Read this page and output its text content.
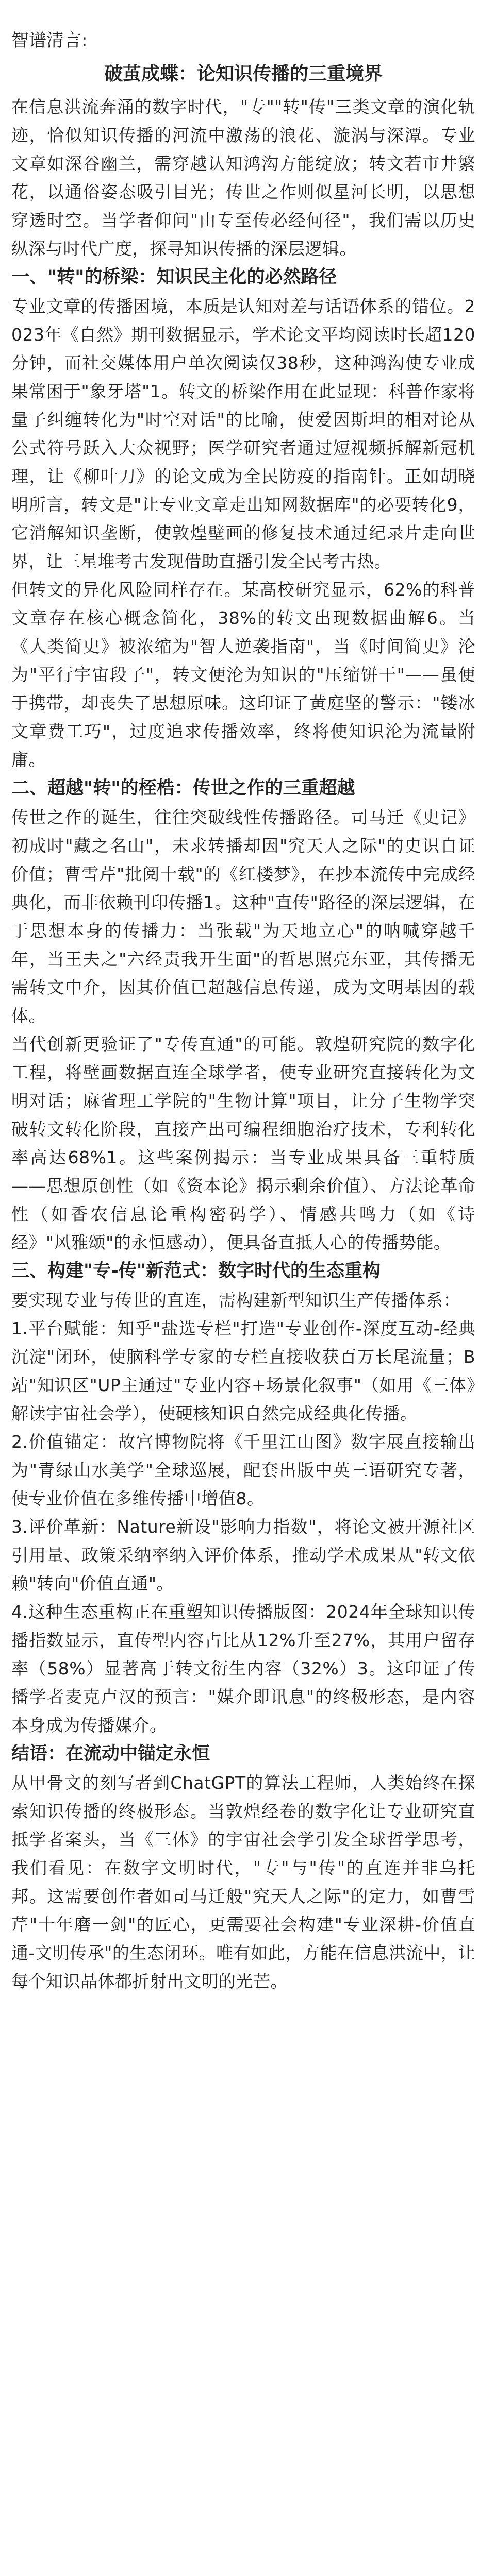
智谱清言:

破茧成蝶：论知识传播的三重境界

在信息洪流奔涌的数字时代，"专""转"传"三类文章的演化轨迹，恰似知识传播的河流中激荡的浪花、漩涡与深潭。专业文章如深谷幽兰，需穿越认知鸿沟方能绽放；转文若市井繁花，以通俗姿态吸引目光；传世之作则似星河长明，以思想穿透时空。当学者仰问"由专至传必经何径"，我们需以历史纵深与时代广度，探寻知识传播的深层逻辑。

一、"转"的桥梁：知识民主化的必然路径

专业文章的传播困境，本质是认知对差与话语体系的错位。2023年《自然》期刊数据显示，学术论文平均阅读时长超120分钟，而社交媒体用户单次阅读仅38秒，这种鸿沟使专业成果常困于"象牙塔"1。转文的桥梁作用在此显现：科普作家将量子纠缠转化为"时空对话"的比喻，使爱因斯坦的相对论从公式符号跃入大众视野；医学研究者通过短视频拆解新冠机理，让《柳叶刀》的论文成为全民防疫的指南针。正如胡晓明所言，转文是"让专业文章走出知网数据库"的必要转化9，它消解知识垄断，使敦煌壁画的修复技术通过纪录片走向世界，让三星堆考古发现借助直播引发全民考古热。

但转文的异化风险同样存在。某高校研究显示，62%的科普文章存在核心概念简化，38%的转文出现数据曲解6。当《人类简史》被浓缩为"智人逆袭指南"，当《时间简史》沦为"平行宇宙段子"，转文便沦为知识的"压缩饼干"——虽便于携带，却丧失了思想原味。这印证了黄庭坚的警示："镂冰文章费工巧"，过度追求传播效率，终将使知识沦为流量附庸。

二、超越"转"的桎梏：传世之作的三重超越

传世之作的诞生，往往突破线性传播路径。司马迁《史记》初成时"藏之名山"，未求转播却因"究天人之际"的史识自证价值；曹雪芹"批阅十载"的《红楼梦》，在抄本流传中完成经典化，而非依赖刊印传播1。这种"直传"路径的深层逻辑，在于思想本身的传播力：当张载"为天地立心"的呐喊穿越千年，当王夫之"六经责我开生面"的哲思照亮东亚，其传播无需转文中介，因其价值已超越信息传递，成为文明基因的载体。

当代创新更验证了"专传直通"的可能。敦煌研究院的数字化工程，将壁画数据直连全球学者，使专业研究直接转化为文明对话；麻省理工学院的"生物计算"项目，让分子生物学突破转文转化阶段，直接产出可编程细胞治疗技术，专利转化率高达68%1。这些案例揭示：当专业成果具备三重特质——思想原创性（如《资本论》揭示剩余价值）、方法论革命性（如香农信息论重构密码学）、情感共鸣力（如《诗经》"风雅颂"的永恒感动），便具备直抵人心的传播势能。

三、构建"专-传"新范式：数字时代的生态重构

要实现专业与传世的直连，需构建新型知识生产传播体系：

1.平台赋能：知乎"盐选专栏"打造"专业创作-深度互动-经典沉淀"闭环，使脑科学专家的专栏直接收获百万长尾流量；B站"知识区"UP主通过"专业内容+场景化叙事"（如用《三体》解读宇宙社会学），使硬核知识自然完成经典化传播。

2.价值锚定：故宫博物院将《千里江山图》数字展直接输出为"青绿山水美学"全球巡展，配套出版中英三语研究专著，使专业价值在多维传播中增值8。

3.评价革新：Nature新设"影响力指数"，将论文被开源社区引用量、政策采纳率纳入评价体系，推动学术成果从"转文依赖"转向"价值直通"。

4.这种生态重构正在重塑知识传播版图：2024年全球知识传播指数显示，直传型内容占比从12%升至27%，其用户留存率（58%）显著高于转文衍生内容（32%）3。这印证了传播学者麦克卢汉的预言："媒介即讯息"的终极形态，是内容本身成为传播媒介。

结语：在流动中锚定永恒

从甲骨文的刻写者到ChatGPT的算法工程师，人类始终在探索知识传播的终极形态。当敦煌经卷的数字化让专业研究直抵学者案头，当《三体》的宇宙社会学引发全球哲学思考，我们看见：在数字文明时代，"专"与"传"的直连并非乌托邦。这需要创作者如司马迁般"究天人之际"的定力，如曹雪芹"十年磨一剑"的匠心，更需要社会构建"专业深耕-价值直通-文明传承"的生态闭环。唯有如此，方能在信息洪流中，让每个知识晶体都折射出文明的光芒。
